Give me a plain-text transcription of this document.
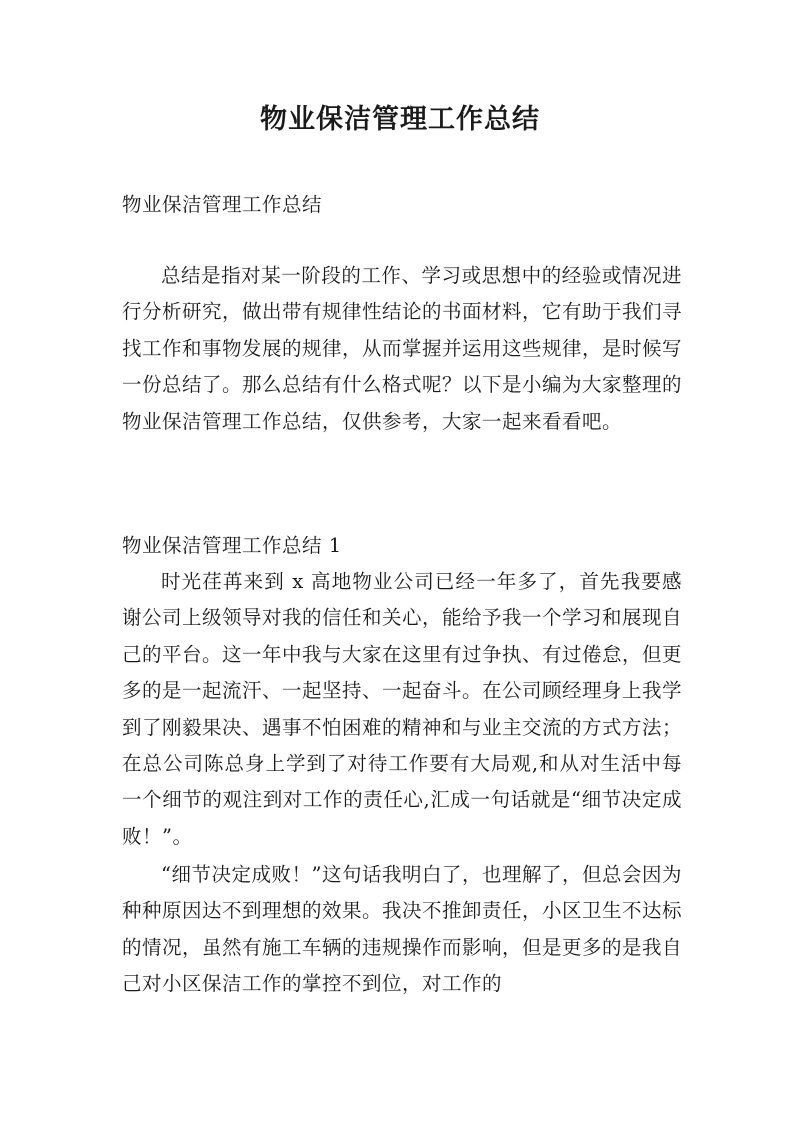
物业保洁管理工作总结

物业保洁管理工作总结

总结是指对某一阶段的工作、学习或思想中的经验或情况进行分析研究，做出带有规律性结论的书面材料，它有助于我们寻找工作和事物发展的规律，从而掌握并运用这些规律，是时候写一份总结了。那么总结有什么格式呢？以下是小编为大家整理的物业保洁管理工作总结，仅供参考，大家一起来看看吧。

物业保洁管理工作总结 1

时光荏苒来到 x 高地物业公司已经一年多了，首先我要感谢公司上级领导对我的信任和关心，能给予我一个学习和展现自己的平台。这一年中我与大家在这里有过争执、有过倦怠，但更多的是一起流汗、一起坚持、一起奋斗。在公司顾经理身上我学到了刚毅果决、遇事不怕困难的精神和与业主交流的方式方法；在总公司陈总身上学到了对待工作要有大局观,和从对生活中每一个细节的观注到对工作的责任心,汇成一句话就是“细节决定成败！”。

“细节决定成败！”这句话我明白了，也理解了，但总会因为种种原因达不到理想的效果。我决不推卸责任，小区卫生不达标的情况，虽然有施工车辆的违规操作而影响，但是更多的是我自己对小区保洁工作的掌控不到位，对工作的
